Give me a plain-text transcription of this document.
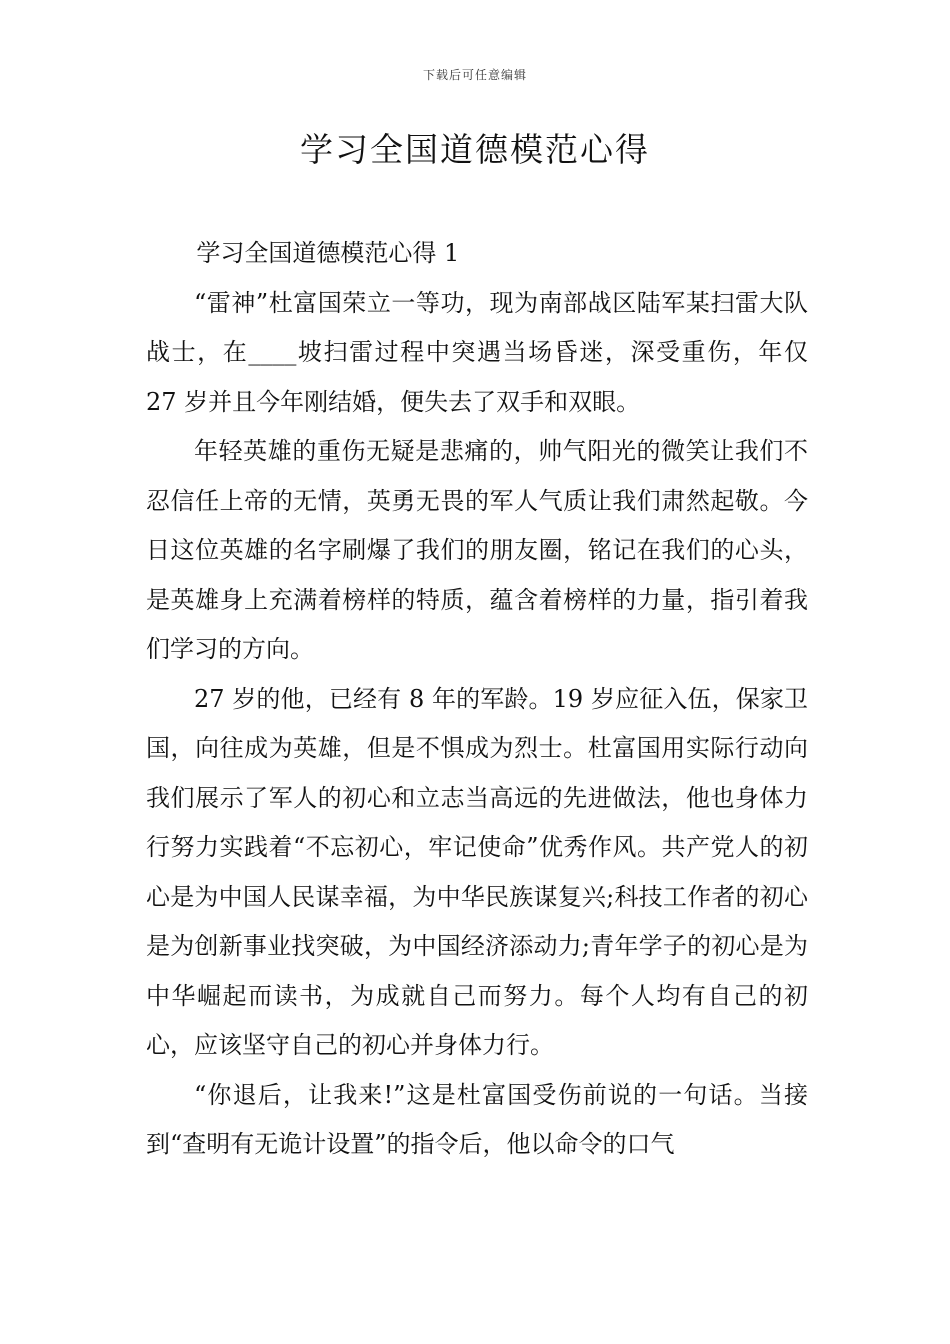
下载后可任意编辑
学习全国道德模范心得

学习全国道德模范心得 1

“雷神”杜富国荣立一等功，现为南部战区陆军某扫雷大队战士，在____坡扫雷过程中突遇当场昏迷，深受重伤，年仅 27 岁并且今年刚结婚，便失去了双手和双眼。

年轻英雄的重伤无疑是悲痛的，帅气阳光的微笑让我们不忍信任上帝的无情，英勇无畏的军人气质让我们肃然起敬。今日这位英雄的名字刷爆了我们的朋友圈，铭记在我们的心头，是英雄身上充满着榜样的特质，蕴含着榜样的力量，指引着我们学习的方向。

27 岁的他，已经有 8 年的军龄。19 岁应征入伍，保家卫国，向往成为英雄，但是不惧成为烈士。杜富国用实际行动向我们展示了军人的初心和立志当高远的先进做法，他也身体力行努力实践着“不忘初心，牢记使命”优秀作风。共产党人的初心是为中国人民谋幸福，为中华民族谋复兴;科技工作者的初心是为创新事业找突破，为中国经济添动力;青年学子的初心是为中华崛起而读书，为成就自己而努力。每个人均有自己的初心，应该坚守自己的初心并身体力行。

“你退后，让我来!”这是杜富国受伤前说的一句话。当接到“查明有无诡计设置”的指令后，他以命令的口气
